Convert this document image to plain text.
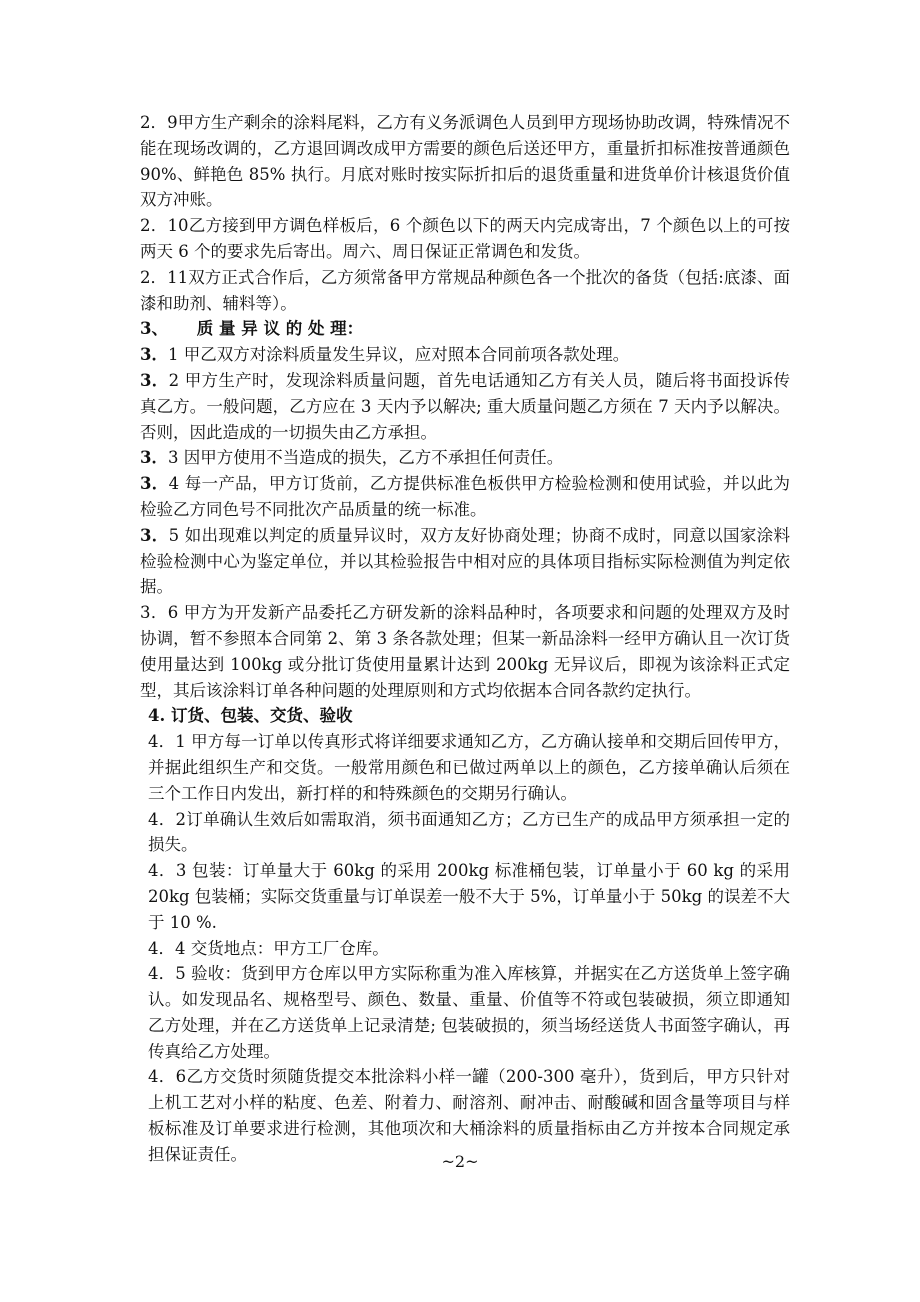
2．9甲方生产剩余的涂料尾料，乙方有义务派调色人员到甲方现场协助改调，特殊情况不能在现场改调的，乙方退回调改成甲方需要的颜色后送还甲方，重量折扣标准按普通颜色 90%、鲜艳色 85% 执行。月底对账时按实际折扣后的退货重量和进货单价计核退货价值双方冲账。

2．10乙方接到甲方调色样板后，6 个颜色以下的两天内完成寄出，7 个颜色以上的可按两天 6 个的要求先后寄出。周六、周日保证正常调色和发货。

2．11双方正式合作后，乙方须常备甲方常规品种颜色各一个批次的备货（包括:底漆、面漆和助剂、辅料等）。

3、 质 量 异 议 的 处 理：

3．1 甲乙双方对涂料质量发生异议，应对照本合同前项各款处理。

3．2 甲方生产时，发现涂料质量问题，首先电话通知乙方有关人员，随后将书面投诉传真乙方。一般问题，乙方应在 3 天内予以解决; 重大质量问题乙方须在 7 天内予以解决。否则，因此造成的一切损失由乙方承担。

3．3 因甲方使用不当造成的损失，乙方不承担任何责任。

3．4 每一产品，甲方订货前，乙方提供标准色板供甲方检验检测和使用试验，并以此为检验乙方同色号不同批次产品质量的统一标准。

3．5 如出现难以判定的质量异议时，双方友好协商处理；协商不成时，同意以国家涂料检验检测中心为鉴定单位，并以其检验报告中相对应的具体项目指标实际检测值为判定依据。

3．6 甲方为开发新产品委托乙方研发新的涂料品种时，各项要求和问题的处理双方及时协调，暂不参照本合同第 2、第 3 条各款处理；但某一新品涂料一经甲方确认且一次订货使用量达到 100kg 或分批订货使用量累计达到 200kg 无异议后，即视为该涂料正式定型，其后该涂料订单各种问题的处理原则和方式均依据本合同各款约定执行。

4. 订货、包装、交货、验收

4．1 甲方每一订单以传真形式将详细要求通知乙方，乙方确认接单和交期后回传甲方，并据此组织生产和交货。一般常用颜色和已做过两单以上的颜色，乙方接单确认后须在三个工作日内发出，新打样的和特殊颜色的交期另行确认。

4．2订单确认生效后如需取消，须书面通知乙方；乙方已生产的成品甲方须承担一定的损失。

4．3 包装：订单量大于 60kg 的采用 200kg 标准桶包装，订单量小于 60 kg 的采用 20kg 包装桶；实际交货重量与订单误差一般不大于 5%，订单量小于 50kg 的误差不大于 10 %.

4．4 交货地点：甲方工厂仓库。

4．5 验收：货到甲方仓库以甲方实际称重为准入库核算，并据实在乙方送货单上签字确认。如发现品名、规格型号、颜色、数量、重量、价值等不符或包装破损，须立即通知乙方处理，并在乙方送货单上记录清楚; 包装破损的，须当场经送货人书面签字确认，再传真给乙方处理。

4．6乙方交货时须随货提交本批涂料小样一罐（200-300 毫升），货到后，甲方只针对上机工艺对小样的粘度、色差、附着力、耐溶剂、耐冲击、耐酸碱和固含量等项目与样板标准及订单要求进行检测，其他项次和大桶涂料的质量指标由乙方并按本合同规定承担保证责任。	~2~
